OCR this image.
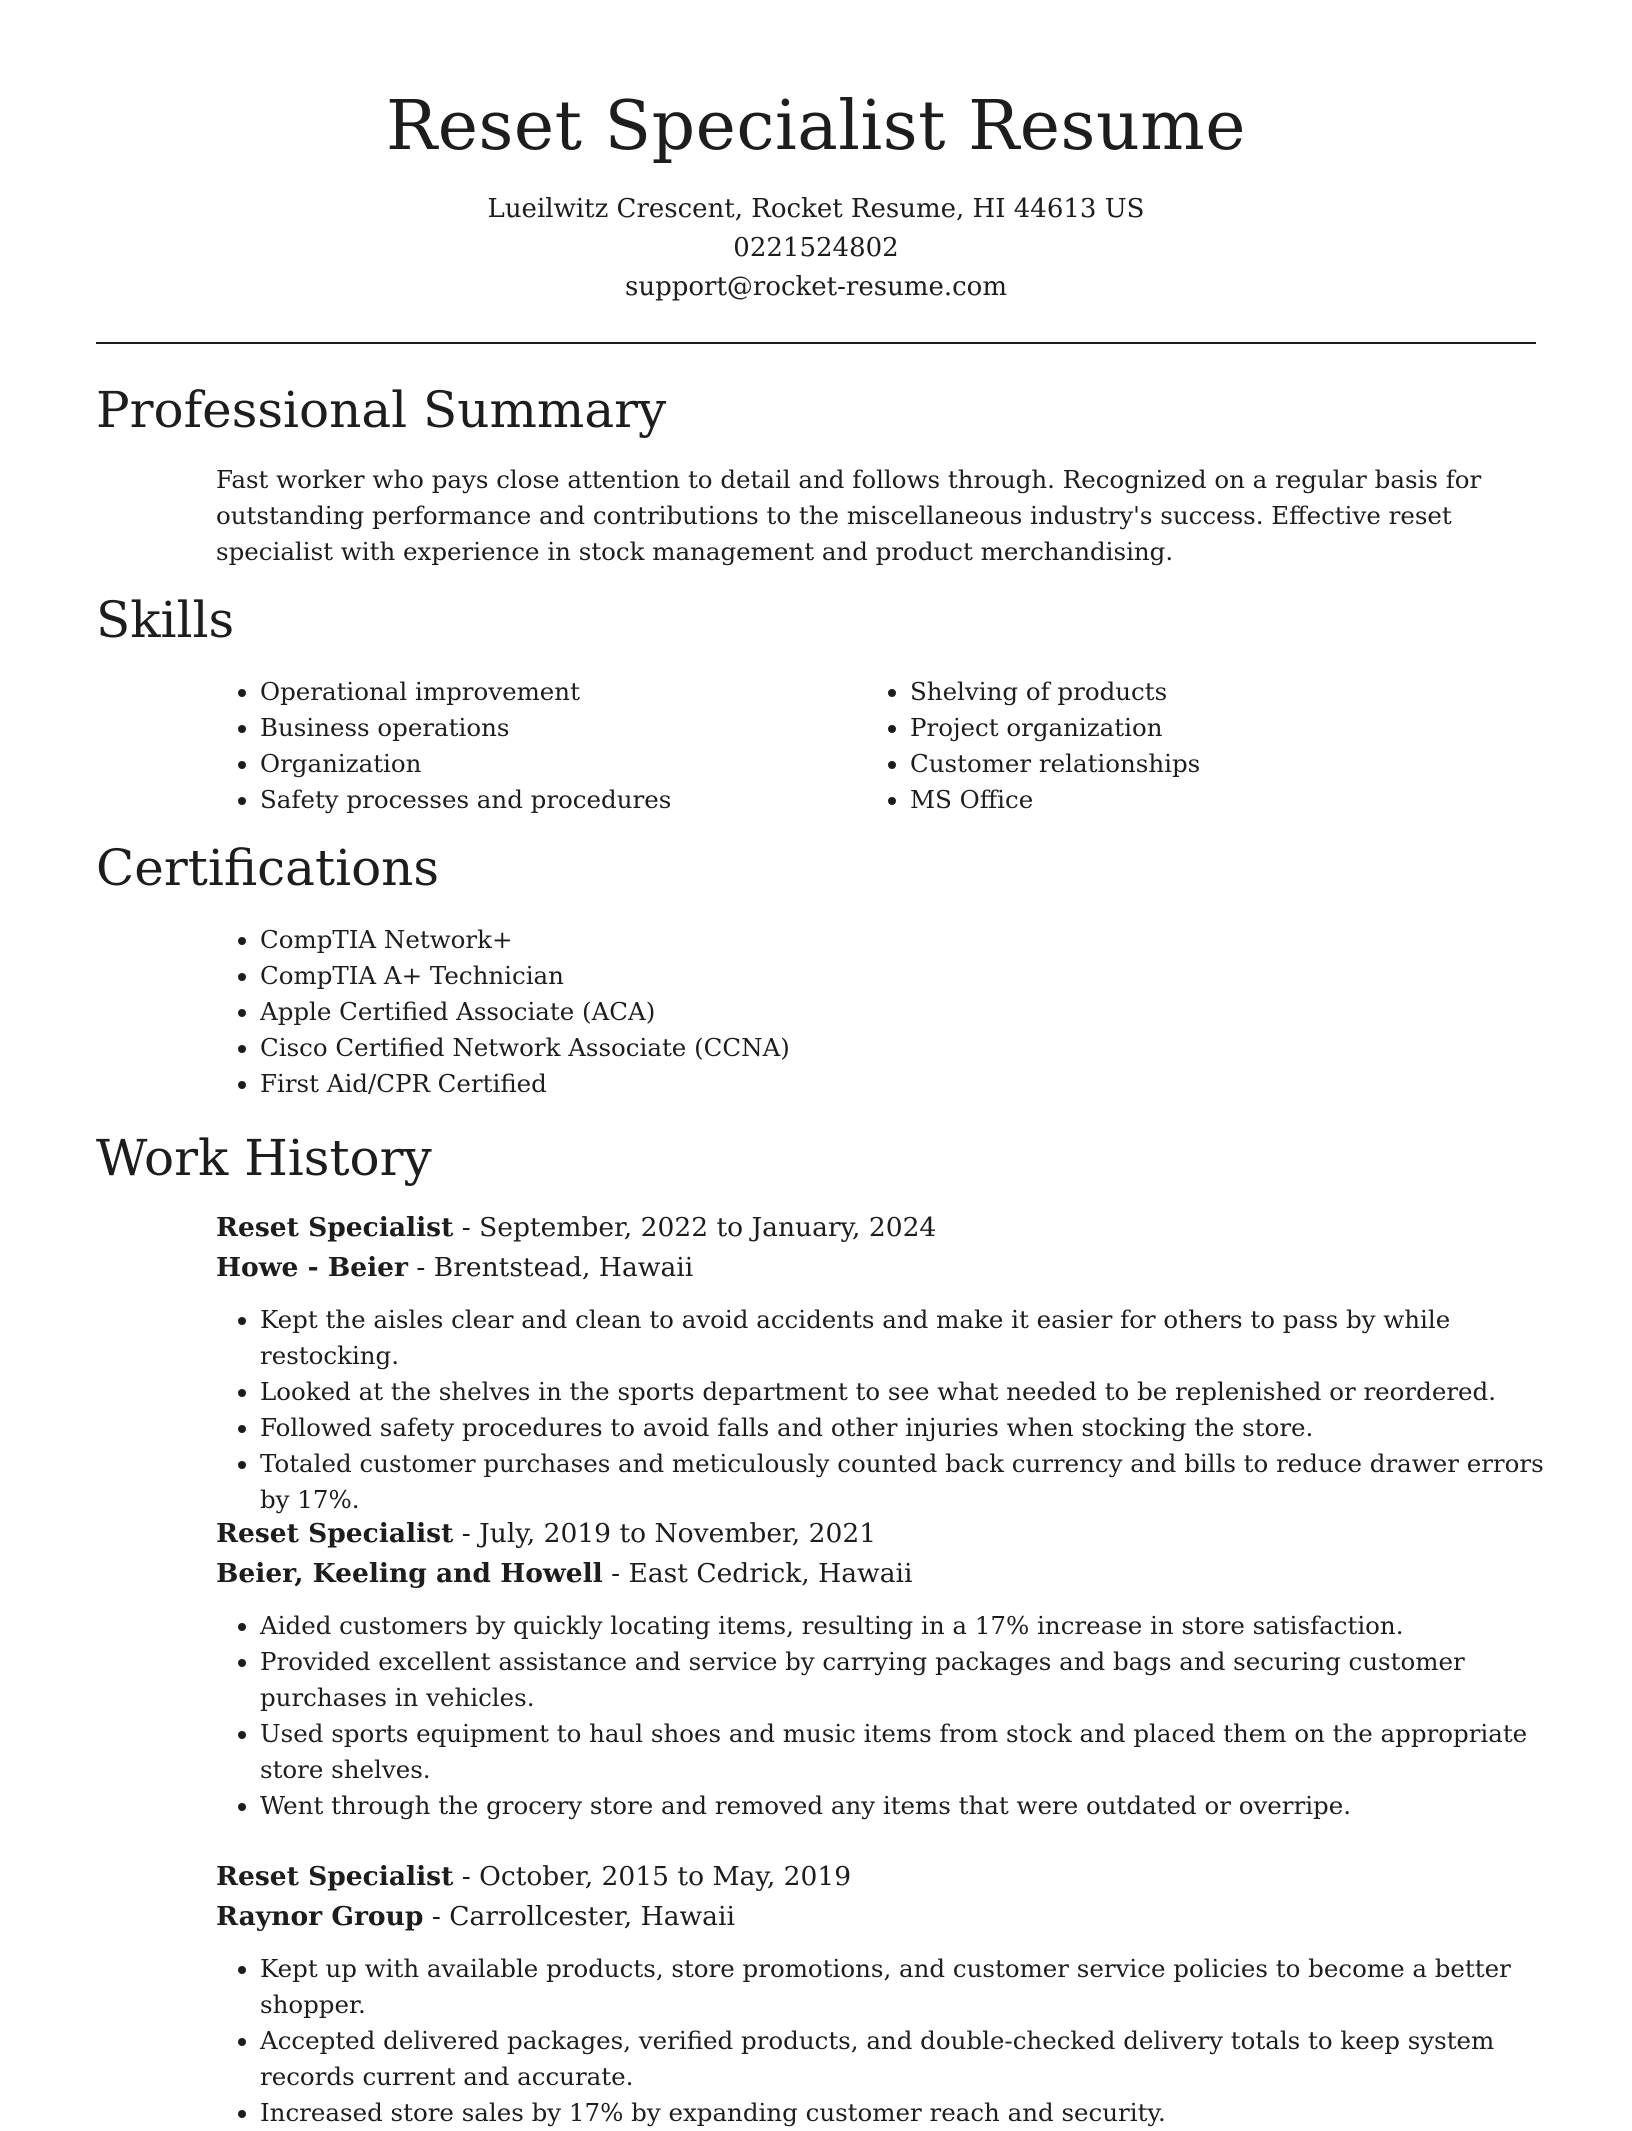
Reset Specialist Resume
Lueilwitz Crescent, Rocket Resume, HI 44613 US
0221524802
support@rocket-resume.com
Professional Summary
Fast worker who pays close attention to detail and follows through. Recognized on a regular basis for outstanding performance and contributions to the miscellaneous industry's success. Effective reset specialist with experience in stock management and product merchandising.
Skills
• Operational improvement
• Business operations
• Organization
• Safety processes and procedures
• Shelving of products
• Project organization
• Customer relationships
• MS Office
Certifications
• CompTIA Network+
• CompTIA A+ Technician
• Apple Certified Associate (ACA)
• Cisco Certified Network Associate (CCNA)
• First Aid/CPR Certified
Work History
Reset Specialist - September, 2022 to January, 2024
Howe - Beier - Brentstead, Hawaii
• Kept the aisles clear and clean to avoid accidents and make it easier for others to pass by while restocking.
• Looked at the shelves in the sports department to see what needed to be replenished or reordered.
• Followed safety procedures to avoid falls and other injuries when stocking the store.
• Totaled customer purchases and meticulously counted back currency and bills to reduce drawer errors by 17%.
Reset Specialist - July, 2019 to November, 2021
Beier, Keeling and Howell - East Cedrick, Hawaii
• Aided customers by quickly locating items, resulting in a 17% increase in store satisfaction.
• Provided excellent assistance and service by carrying packages and bags and securing customer purchases in vehicles.
• Used sports equipment to haul shoes and music items from stock and placed them on the appropriate store shelves.
• Went through the grocery store and removed any items that were outdated or overripe.
Reset Specialist - October, 2015 to May, 2019
Raynor Group - Carrollcester, Hawaii
• Kept up with available products, store promotions, and customer service policies to become a better shopper.
• Accepted delivered packages, verified products, and double-checked delivery totals to keep system records current and accurate.
• Increased store sales by 17% by expanding customer reach and security.
